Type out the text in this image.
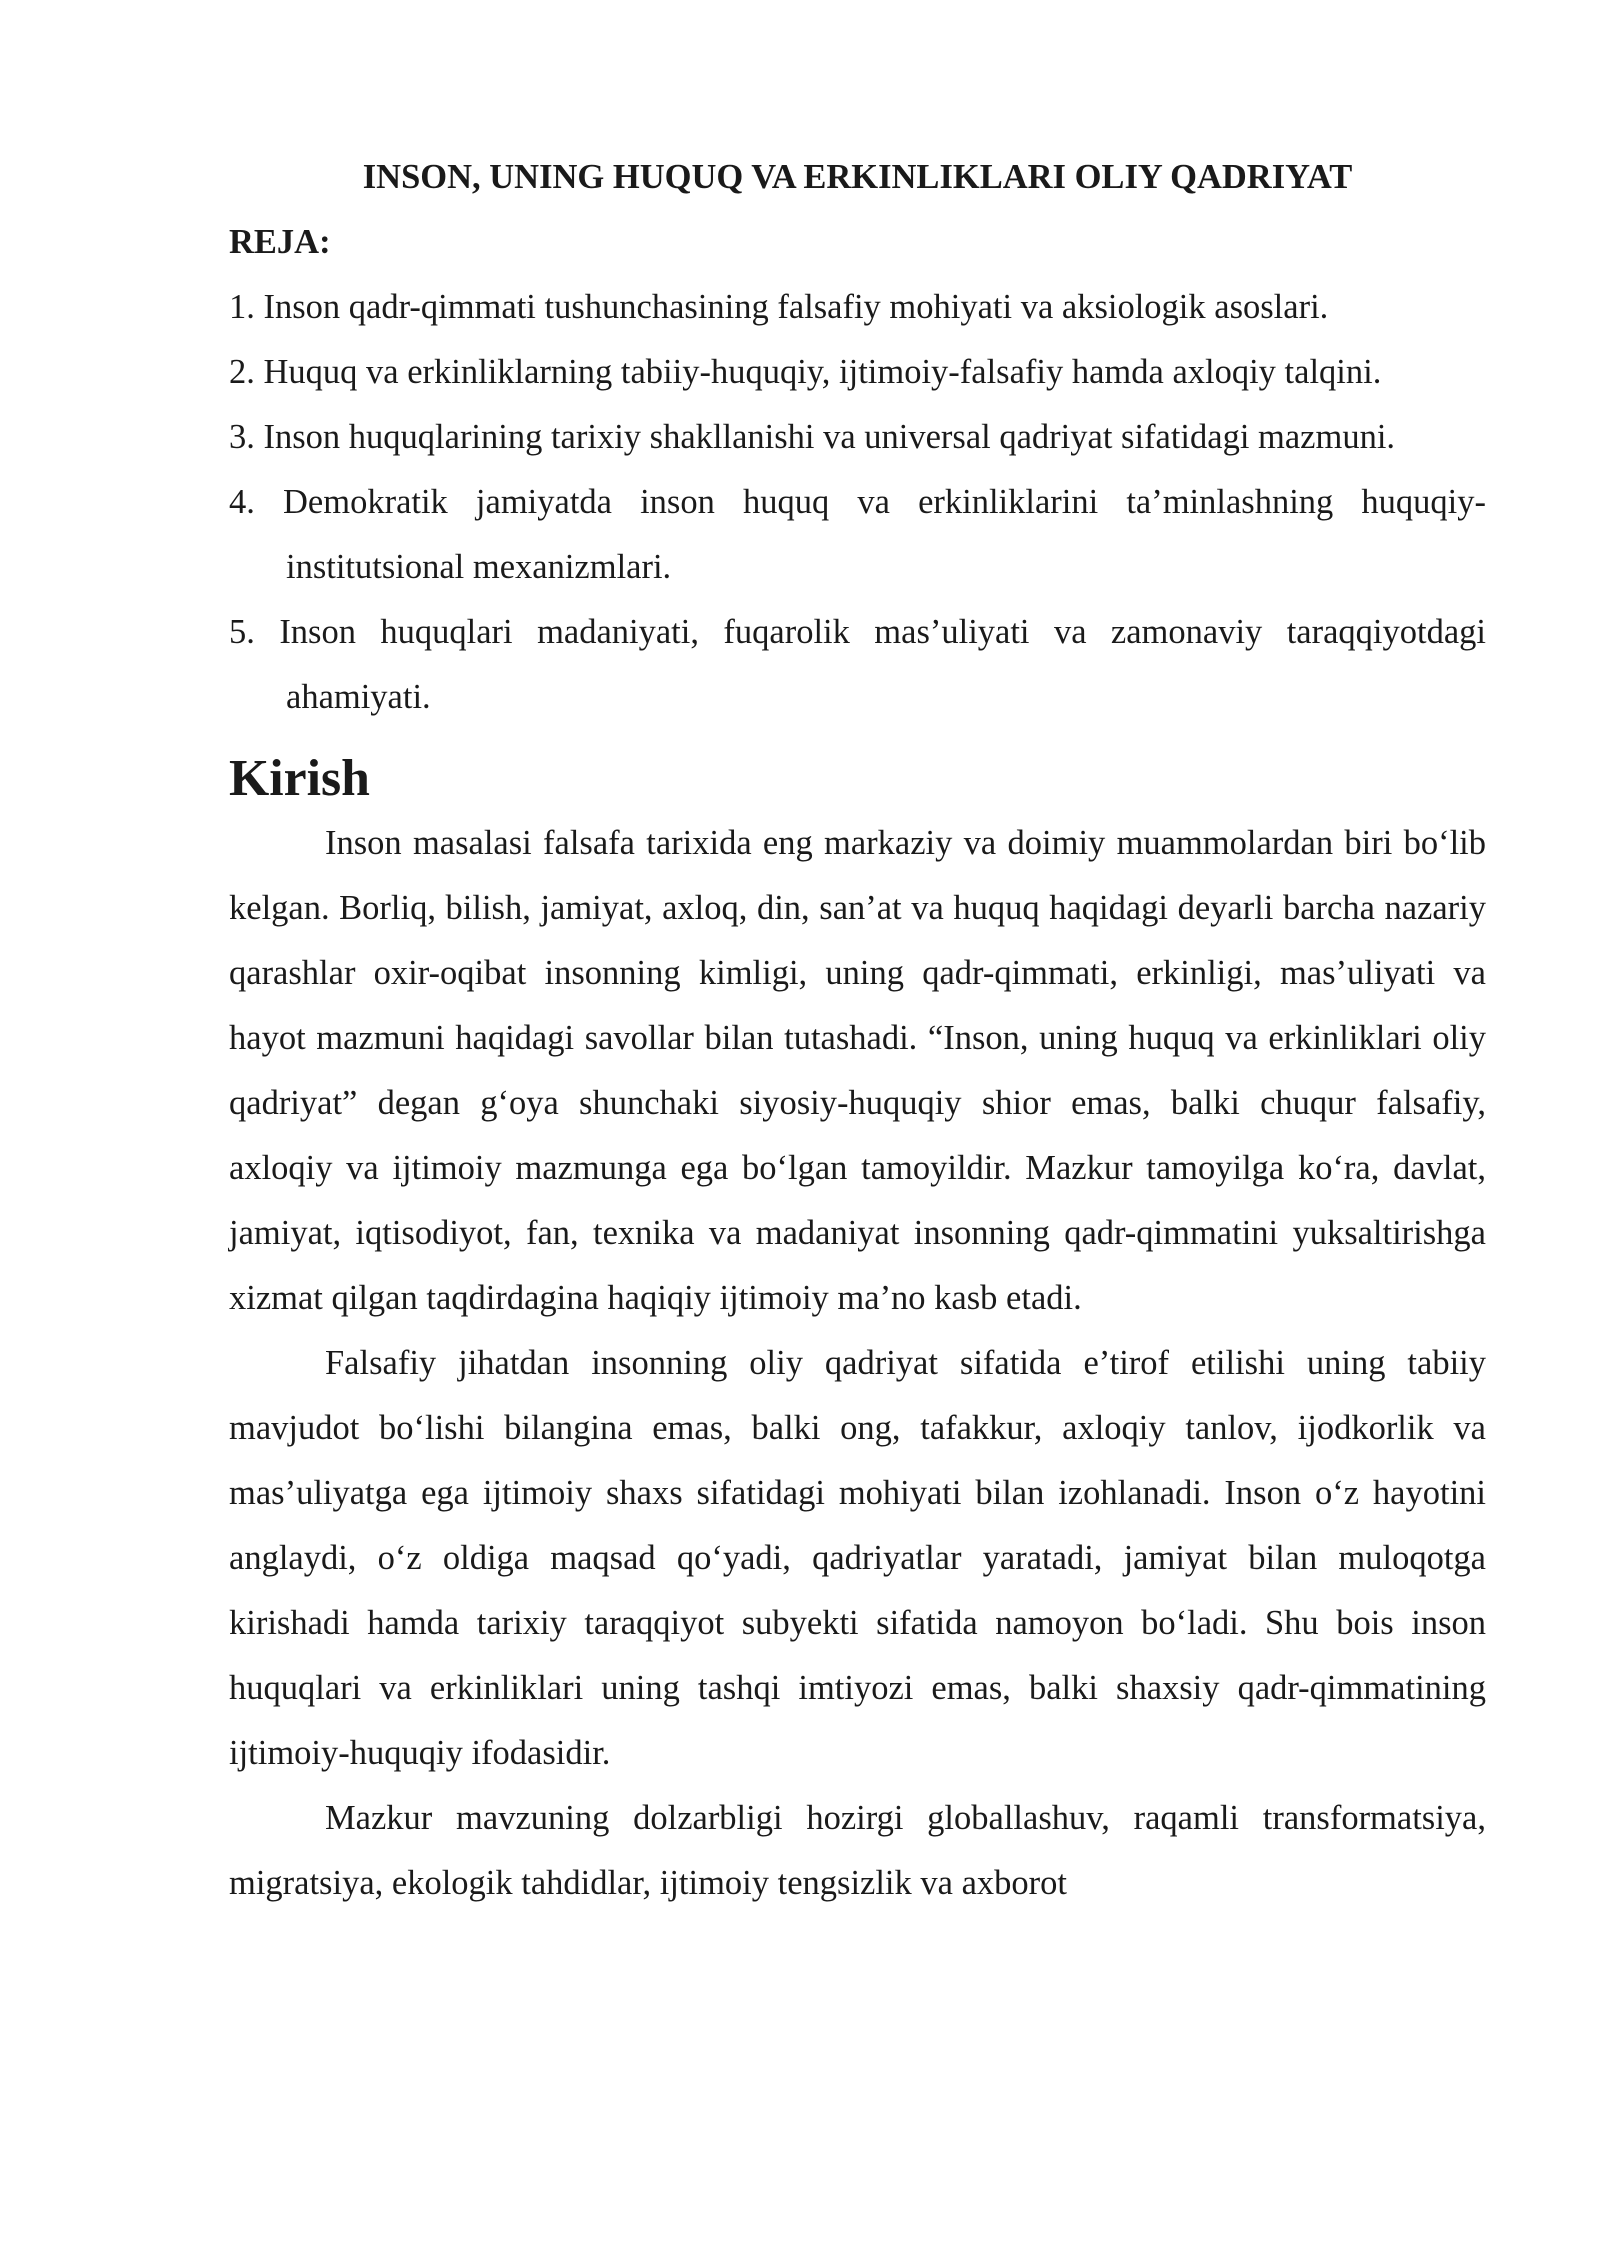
INSON, UNING HUQUQ VA ERKINLIKLARI OLIY QADRIYAT

REJA:

1. Inson qadr-qimmati tushunchasining falsafiy mohiyati va aksiologik asoslari.
2. Huquq va erkinliklarning tabiiy-huquqiy, ijtimoiy-falsafiy hamda axloqiy talqini.
3. Inson huquqlarining tarixiy shakllanishi va universal qadriyat sifatidagi mazmuni.
4. Demokratik jamiyatda inson huquq va erkinliklarini ta’minlashning huquqiy-institutsional mexanizmlari.
5. Inson huquqlari madaniyati, fuqarolik mas’uliyati va zamonaviy taraqqiyotdagi ahamiyati.
Kirish

Inson masalasi falsafa tarixida eng markaziy va doimiy muammolardan biri bo‘lib kelgan. Borliq, bilish, jamiyat, axloq, din, san’at va huquq haqidagi deyarli barcha nazariy qarashlar oxir-oqibat insonning kimligi, uning qadr-qimmati, erkinligi, mas’uliyati va hayot mazmuni haqidagi savollar bilan tutashadi. “Inson, uning huquq va erkinliklari oliy qadriyat” degan g‘oya shunchaki siyosiy-huquqiy shior emas, balki chuqur falsafiy, axloqiy va ijtimoiy mazmunga ega bo‘lgan tamoyildir. Mazkur tamoyilga ko‘ra, davlat, jamiyat, iqtisodiyot, fan, texnika va madaniyat insonning qadr-qimmatini yuksaltirishga xizmat qilgan taqdirdagina haqiqiy ijtimoiy ma’no kasb etadi.

Falsafiy jihatdan insonning oliy qadriyat sifatida e’tirof etilishi uning tabiiy mavjudot bo‘lishi bilangina emas, balki ong, tafakkur, axloqiy tanlov, ijodkorlik va mas’uliyatga ega ijtimoiy shaxs sifatidagi mohiyati bilan izohlanadi. Inson o‘z hayotini anglaydi, o‘z oldiga maqsad qo‘yadi, qadriyatlar yaratadi, jamiyat bilan muloqotga kirishadi hamda tarixiy taraqqiyot subyekti sifatida namoyon bo‘ladi. Shu bois inson huquqlari va erkinliklari uning tashqi imtiyozi emas, balki shaxsiy qadr-qimmatining ijtimoiy-huquqiy ifodasidir.

Mazkur mavzuning dolzarbligi hozirgi globallashuv, raqamli transformatsiya, migratsiya, ekologik tahdidlar, ijtimoiy tengsizlik va axborot
